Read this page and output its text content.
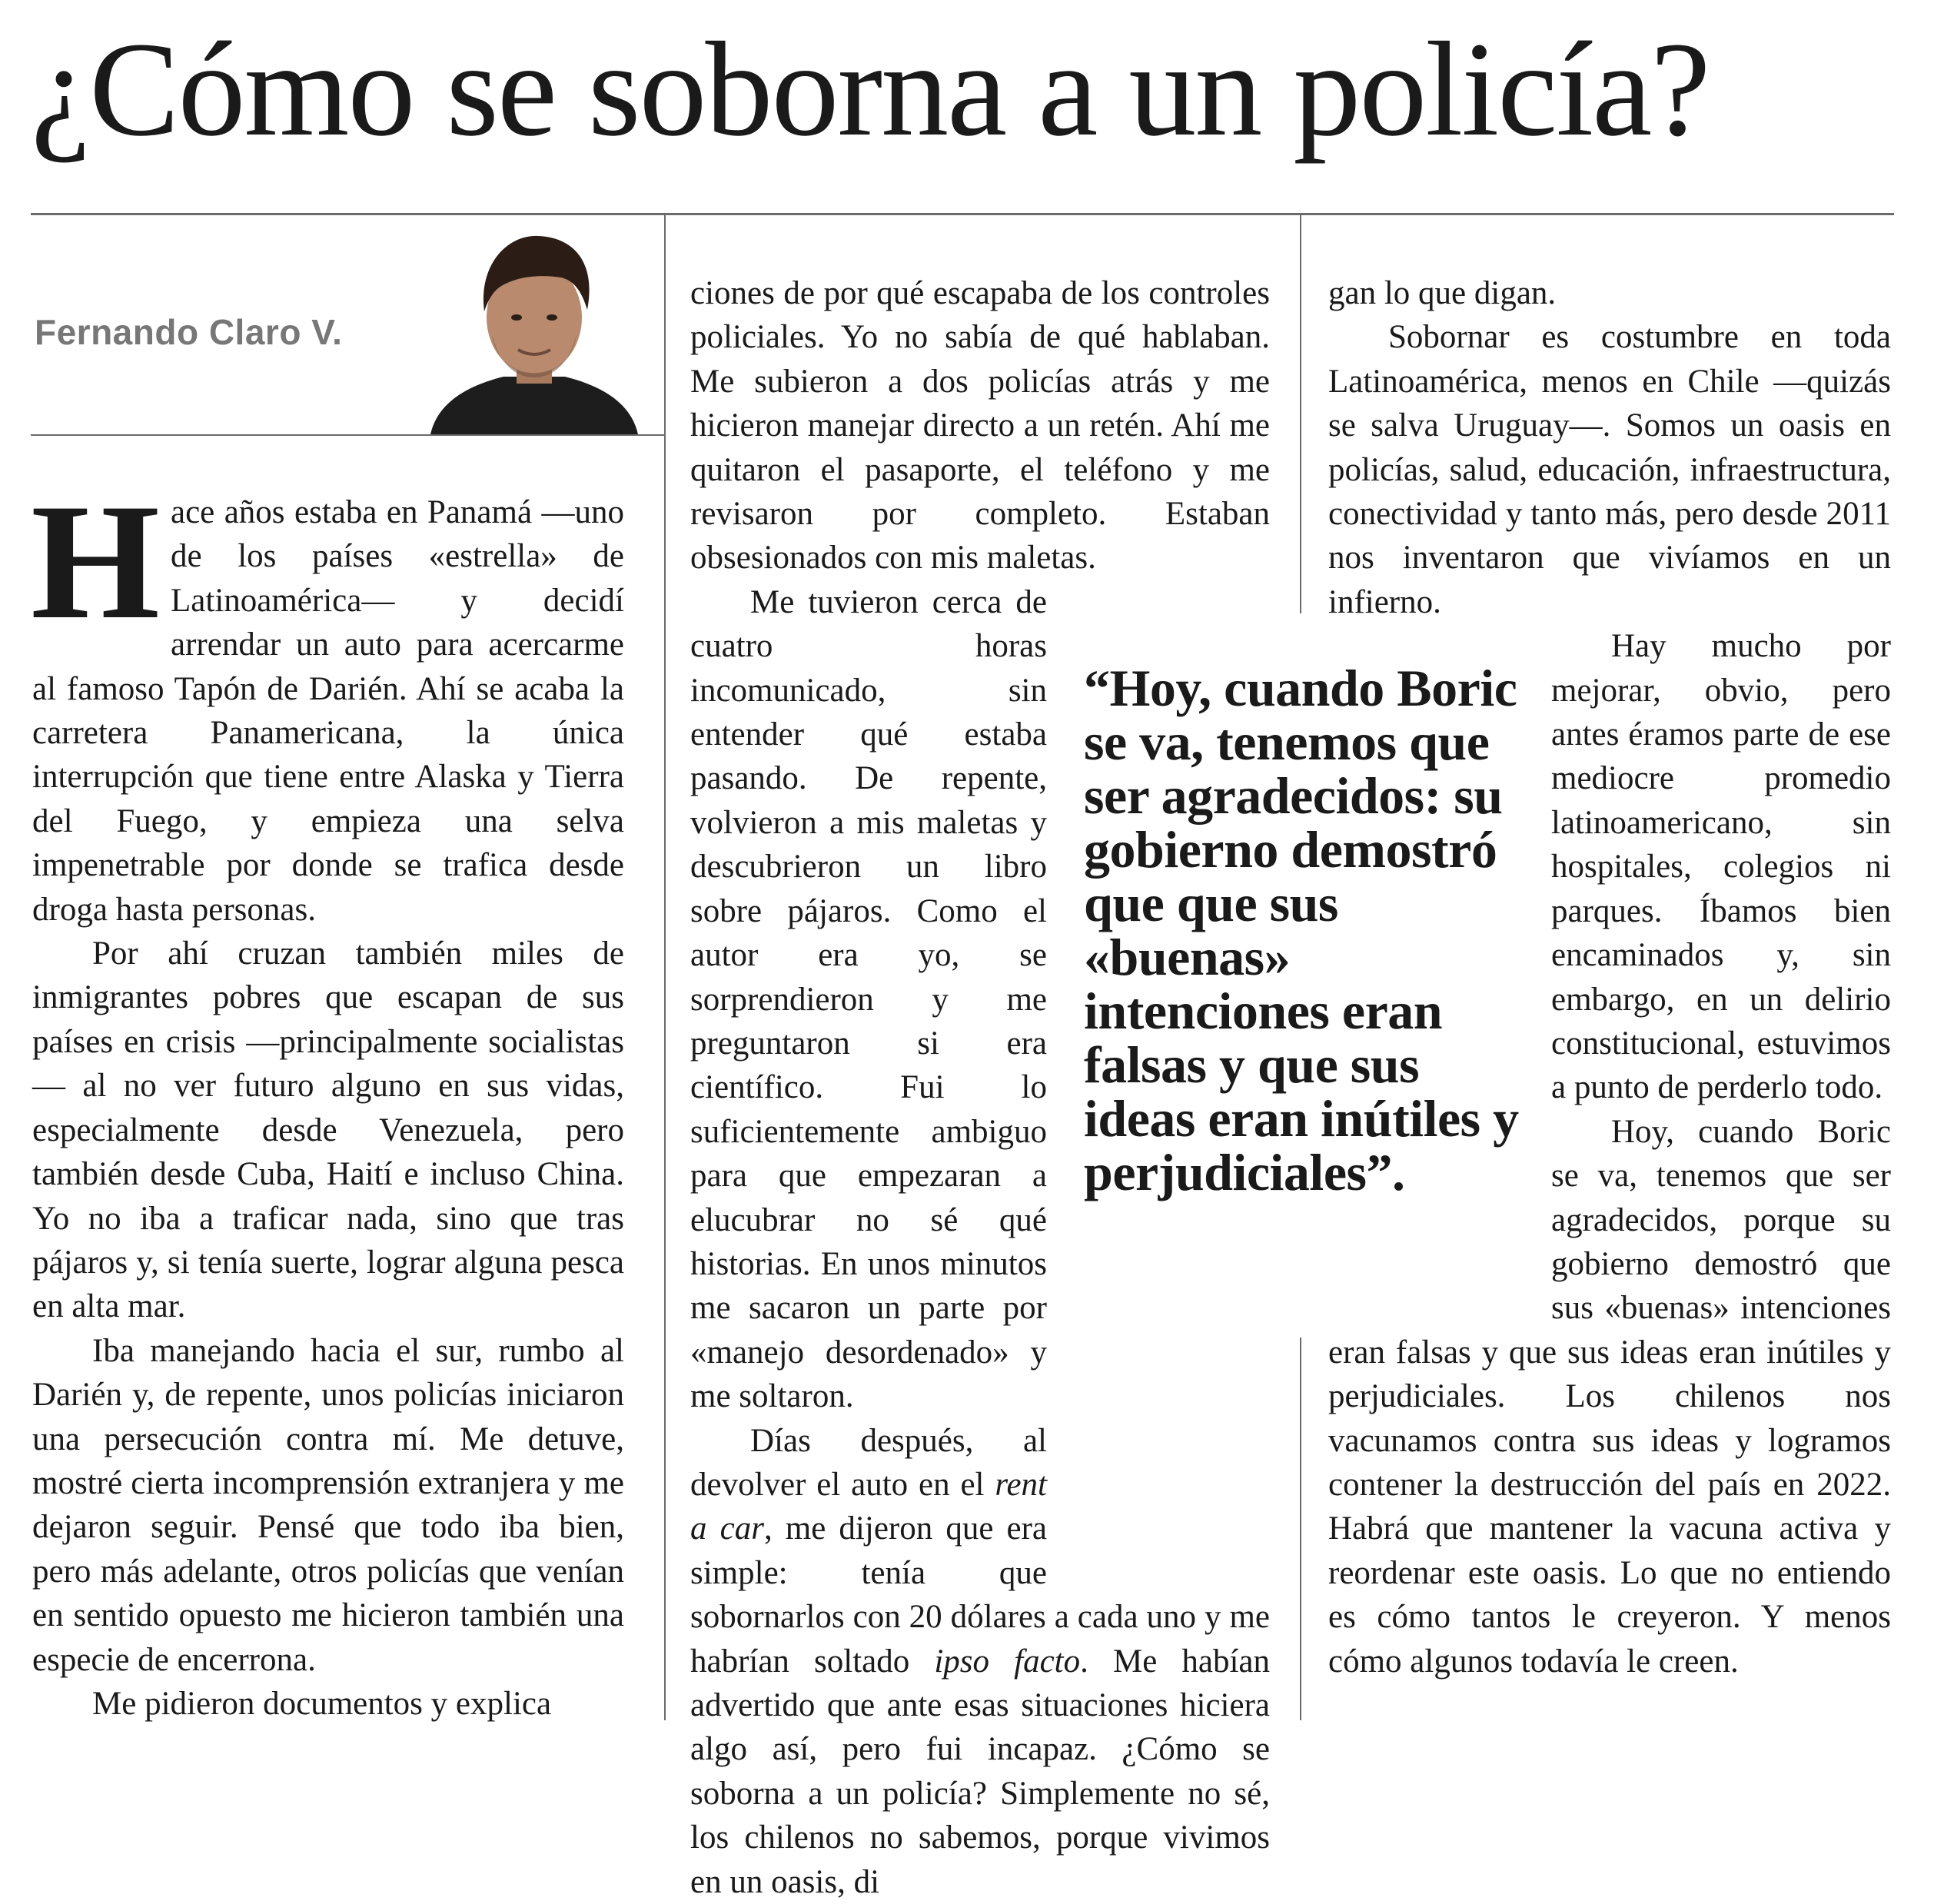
¿Cómo se soborna a un policía?
Fernando Claro V.

Hace años estaba en Panamá —uno de los países «estrella» de Latinoamérica— y decidí arrendar un auto para acercarme al famoso Tapón de Darién. Ahí se acaba la carretera Panamericana, la única interrupción que tiene entre Alaska y Tierra del Fuego, y empieza una selva impenetrable por donde se trafica desde droga hasta personas.

Por ahí cruzan también miles de inmigrantes pobres que escapan de sus países en crisis —principalmente socialistas— al no ver futuro alguno en sus vidas, especialmente desde Venezuela, pero también desde Cuba, Haití e incluso China. Yo no iba a traficar nada, sino que tras pájaros y, si tenía suerte, lograr alguna pesca en alta mar.

Iba manejando hacia el sur, rumbo al Darién y, de repente, unos policías iniciaron una persecución contra mí. Me detuve, mostré cierta incomprensión extranjera y me dejaron seguir. Pensé que todo iba bien, pero más adelante, otros policías que venían en sentido opuesto me hicieron también una especie de encerrona.

Me pidieron documentos y explica

ciones de por qué escapaba de los controles policiales. Yo no sabía de qué hablaban. Me subieron a dos policías atrás y me hicieron manejar directo a un retén. Ahí me quitaron el pasaporte, el teléfono y me revisaron por completo. Estaban obsesionados con mis maletas.

Me tuvieron cerca de cuatro horas incomunicado, sin entender qué estaba pasando. De repente, volvieron a mis maletas y descubrieron un libro sobre pájaros. Como el autor era yo, se sorprendieron y me preguntaron si era científico. Fui lo suficientemente ambiguo para que empezaran a elucubrar no sé qué historias. En unos minutos me sacaron un parte por «manejo desordenado» y me soltaron.

Días después, al devolver el auto en el rent a car, me dijeron que era simple: tenía que sobornarlos con 20 dólares a cada uno y me habrían soltado ipso facto. Me habían advertido que ante esas situaciones hiciera algo así, pero fui incapaz. ¿Cómo se soborna a un policía? Simplemente no sé, los chilenos no sabemos, porque vivimos en un oasis, di

gan lo que digan.

Sobornar es costumbre en toda Latinoamérica, menos en Chile —quizás se salva Uruguay—. Somos un oasis en policías, salud, educación, infraestructura, conectividad y tanto más, pero desde 2011 nos inventaron que vivíamos en un infierno.

Hay mucho por mejorar, obvio, pero antes éramos parte de ese mediocre promedio latinoamericano, sin hospitales, colegios ni parques. Íbamos bien encaminados y, sin embargo, en un delirio constitucional, estuvimos a punto de perderlo todo.

Hoy, cuando Boric se va, tenemos que ser agradecidos, porque su gobierno demostró que sus «buenas» intenciones eran falsas y que sus ideas eran inútiles y perjudiciales. Los chilenos nos vacunamos contra sus ideas y logramos contener la destrucción del país en 2022. Habrá que mantener la vacuna activa y reordenar este oasis. Lo que no entiendo es cómo tantos le creyeron. Y menos cómo algunos todavía le creen.

“Hoy, cuando Boric se va, tenemos que ser agradecidos: su gobierno demostró que que sus «buenas» intenciones eran falsas y que sus ideas eran inútiles y perjudiciales”.
